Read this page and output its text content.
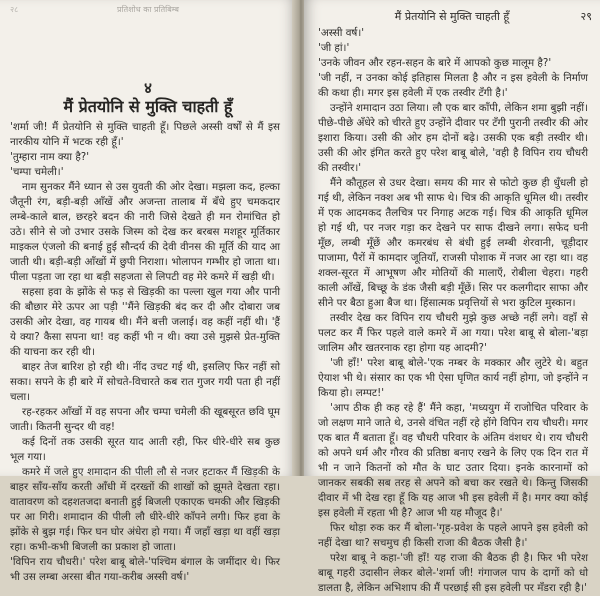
२८	प्रतिशोध का प्रतिबिम्ब
४
मैं प्रेतयोनि से मुक्ति चाहती हूँ

'शर्मा जी! मैं प्रेतयोनि से मुक्ति चाहती हूँ। पिछले अस्सी वर्षों से मैं इस नारकीय योनि में भटक रही हूँ।'

'तुम्हारा नाम क्या है?'

'चम्पा चमेली।'

नाम सुनकर मैंने ध्यान से उस युवती की ओर देखा। मझला कद, हल्का जैतूनी रंग, बड़ी-बड़ी आँखें और अजन्ता तालाब में बँधे हुए चमकदार लम्बे-काले बाल, छरहरे बदन की नारी जिसे देखते ही मन रोमांचित हो उठे। सीने से जो उभार उसके जिस्म को देख कर बरबस मशहूर मूर्तिकार माइकल एंजलो की बनाई हुई सौन्दर्य की देवी वीनस की मूर्ति की याद आ जाती थी। बड़ी-बड़ी आँखों में छुपी निराशा। भोलापन गम्भीर हो जाता था। पीला पड़ता जा रहा था बड़ी सहजता से लिपटी वह मेरे कमरे में खड़ी थी।

सहसा हवा के झोंके से फड़ से खिड़की का पल्ला खुल गया और पानी की बौछार मेरे ऊपर आ पड़ी ''मैंने खिड़की बंद कर दी और दोबारा जब उसकी ओर देखा, वह गायब थी। मैंने बत्ती जलाई। वह कहीं नहीं थी। 'हैं ये क्या? कैसा सपना था! वह कहीं भी न थी। क्या उसे मुझसे प्रेत-मुक्ति की याचना कर रही थी।

बाहर तेज बारिश हो रही थी। नींद उचट गई थी, इसलिए फिर नहीं सो सका। सपने के ही बारे में सोचते-विचारते कब रात गुजर गयी पता ही नहीं चला।

रह-रहकर आँखों में वह सपना और चम्पा चमेली की खूबसूरत छवि घूम जाती। कितनी सुन्दर थी वह!

कई दिनों तक उसकी सूरत याद आती रही, फिर धीरे-धीरे सब कुछ भूल गया।

कमरे में जले हुए शमादान की पीली लौ से नजर हटाकर मैं खिड़की के बाहर साँय-साँय करती आँधी में दरख्तों की शाखों को झूमते देखता रहा। वातावरण को दहशतजदा बनाती हुई बिजली एकाएक चमकी और खिड़की पर आ गिरी। शमादान की पीली लौ धीरे-धीरे काँपने लगी। फिर हवा के झोंके से बुझ गई। फिर घन घोर अंधेरा हो गया। मैं जहाँ खड़ा था वहीं खड़ा रहा। कभी-कभी बिजली का प्रकाश हो जाता।

'विपिन राय चौधरी।' परेश बाबू बोले-'पश्चिम बंगाल के जमींदार थे। फिर भी उस लम्बा अरसा बीत गया-करीब अस्सी वर्ष।'

मैं प्रेतयोनि से मुक्ति चाहती हूँ	२९

'अस्सी वर्ष।'

'जी हां।'

'उनके जीवन और रहन-सहन के बारे में आपको कुछ मालूम है?'

'जी नहीं, न उनका कोई इतिहास मिलता है और न इस हवेली के निर्माण की कथा ही। मगर इस हवेली में एक तस्वीर टँगी है।'

उन्होंने शमादान उठा लिया। लौ एक बार काँपी, लेकिन शमा बुझी नहीं। पीछे-पीछे अँधेरे को चीरते हुए उन्होंने दीवार पर टँगी पुरानी तस्वीर की ओर इशारा किया। उसी की ओर हम दोनों बढ़े। उसकी एक बड़ी तस्वीर थी। उसी की ओर इंगित करते हुए परेश बाबू बोले, 'वही है विपिन राय चौधरी की तस्वीर।'

मैंने कौतूहल से उधर देखा। समय की मार से फोटो कुछ ही धुँधली हो गई थी, लेकिन नक्श अब भी साफ थे। चित्र की आकृति धूमिल थी। तस्वीर में एक आदमकद तैलचित्र पर निगाह अटक गई। चित्र की आकृति धूमिल हो गई थी, पर नजर गड़ा कर देखने पर साफ दीखने लगा। सफेद घनी मूँछ, लम्बी मूँछें और कमरबंध से बंधी हुई लम्बी शेरवानी, चूड़ीदार पाजामा, पैरों में कामदार जूतियाँ, राजसी पोशाक में नजर आ रहा था। वह शक्ल-सूरत में आभूषण और मोतियों की मालाएँ, रोबीला चेहरा। गहरी काली आँखें, बिच्छू के डंक जैसी बड़ी मूँछें। सिर पर कलगीदार साफा और सीने पर बैठा हुआ बैज था। हिंसात्मक प्रवृत्तियों से भरा कुटिल मुस्कान।

तस्वीर देख कर विपिन राय चौधरी मुझे कुछ अच्छे नहीं लगे। वहाँ से पलट कर मैं फिर पहले वाले कमरे में आ गया। परेश बाबू से बोला-'बड़ा जालिम और खतरनाक रहा होगा यह आदमी?'

'जी हाँ!' परेश बाबू बोले-'एक नम्बर के मक्कार और लुटेरे थे। बहुत ऐयाश भी थे। संसार का एक भी ऐसा घृणित कार्य नहीं होगा, जो इन्होंने न किया हो। लम्पट!'

'आप ठीक ही कह रहे हैं' मैंने कहा, 'मध्ययुग में राजोचित परिवार के जो लक्षण माने जाते थे, उनसे वंचित नहीं रहे होंगे विपिन राय चौधरी। मगर एक बात मैं बताता हूँ। वह चौधरी परिवार के अंतिम वंशधर थे। राय चौधरी को अपने धर्म और गौरव की प्रतिष्ठा बनाए रखने के लिए एक दिन रात में भी न जाने कितनों को मौत के घाट उतार दिया। इनके कारनामों को जानकर सबकी सब तरह से अपने को बचा कर रखते थे। किन्तु जिसकी दीवार में भी देख रहा हूँ कि यह आज भी इस हवेली में है। मगर क्या कोई इस हवेली में रहता भी है? आज भी यह मौजूद है।'

फिर थोड़ा रुक कर मैं बोला-'गृह-प्रवेश के पहले आपने इस हवेली को नहीं देखा था? सचमुच ही किसी राजा की बैठक जैसी है।'

परेश बाबू ने कहा-'जी हाँ! यह राजा की बैठक ही है। फिर भी परेश बाबू गहरी उदासीन लेकर बोले-'शर्मा जी! गंगाजल पाप के दागों को धो डालता है, लेकिन अभिशाप की मैं परछाई सी इस हवेली पर मँडरा रही है।'
